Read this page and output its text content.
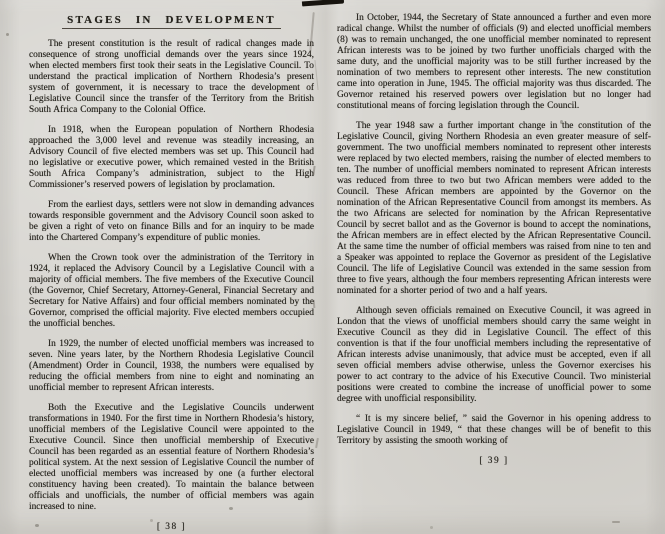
STAGES IN DEVELOPMENT

The present constitution is the result of radical changes made in consequence of strong unofficial demands over the years since 1924, when elected members first took their seats in the Legislative Council. To understand the practical implication of Northern Rhodesia’s present system of government, it is necessary to trace the development of Legislative Council since the transfer of the Territory from the British South Africa Company to the Colonial Office.

In 1918, when the European population of Northern Rhodesia approached the 3,000 level and revenue was steadily increasing, an Advisory Council of five elected members was set up. This Council had no legislative or executive power, which remained vested in the British South Africa Company’s administration, subject to the High Commissioner’s reserved powers of legislation by proclamation.

From the earliest days, settlers were not slow in demanding advances towards responsible government and the Advisory Council soon asked to be given a right of veto on finance Bills and for an inquiry to be made into the Chartered Company’s expenditure of public monies.

When the Crown took over the administration of the Territory in 1924, it replaced the Advisory Council by a Legislative Council with a majority of official members. The five members of the Executive Council (the Governor, Chief Secretary, Attorney-General, Financial Secretary and Secretary for Native Affairs) and four official members nominated by the Governor, comprised the official majority. Five elected members occupied the unofficial benches.

In 1929, the number of elected unofficial members was increased to seven. Nine years later, by the Northern Rhodesia Legislative Council (Amendment) Order in Council, 1938, the numbers were equalised by reducing the official members from nine to eight and nominating an unofficial member to represent African interests.

Both the Executive and the Legislative Councils underwent transformations in 1940. For the first time in Northern Rhodesia’s history, unofficial members of the Legislative Council were appointed to the Executive Council. Since then unofficial membership of Executive Council has been regarded as an essential feature of Northern Rhodesia’s political system. At the next session of Legislative Council the number of elected unofficial members was increased by one (a further electoral constituency having been created). To maintain the balance between officials and unofficials, the number of official members was again increased to nine.

[ 38 ]

In October, 1944, the Secretary of State announced a further and even more radical change. Whilst the number of officials (9) and elected unofficial members (8) was to remain unchanged, the one unofficial member nominated to represent African interests was to be joined by two further unofficials charged with the same duty, and the unofficial majority was to be still further increased by the nomination of two members to represent other interests. The new constitution came into operation in June, 1945. The official majority was thus discarded. The Governor retained his reserved powers over legislation but no longer had constitutional means of forcing legislation through the Council.

The year 1948 saw a further important change in the constitution of the Legislative Council, giving Northern Rhodesia an even greater measure of self-government. The two unofficial members nominated to represent other interests were replaced by two elected members, raising the number of elected members to ten. The number of unofficial members nominated to represent African interests was reduced from three to two but two African members were added to the Council. These African members are appointed by the Governor on the nomination of the African Representative Council from amongst its members. As the two Africans are selected for nomination by the African Representative Council by secret ballot and as the Governor is bound to accept the nominations, the African members are in effect elected by the African Representative Council. At the same time the number of official members was raised from nine to ten and a Speaker was appointed to replace the Governor as president of the Legislative Council. The life of Legislative Council was extended in the same session from three to five years, although the four members representing African interests were nominated for a shorter period of two and a half years.

Although seven officials remained on Executive Council, it was agreed in London that the views of unofficial members should carry the same weight in Executive Council as they did in Legislative Council. The effect of this convention is that if the four unofficial members including the representative of African interests advise unanimously, that advice must be accepted, even if all seven official members advise otherwise, unless the Governor exercises his power to act contrary to the advice of his Executive Council. Two ministerial positions were created to combine the increase of unofficial power to some degree with unofficial responsibility.

“ It is my sincere belief, ” said the Governor in his opening address to Legislative Council in 1949, “ that these changes will be of benefit to this Territory by assisting the smooth working of

[ 39 ]
